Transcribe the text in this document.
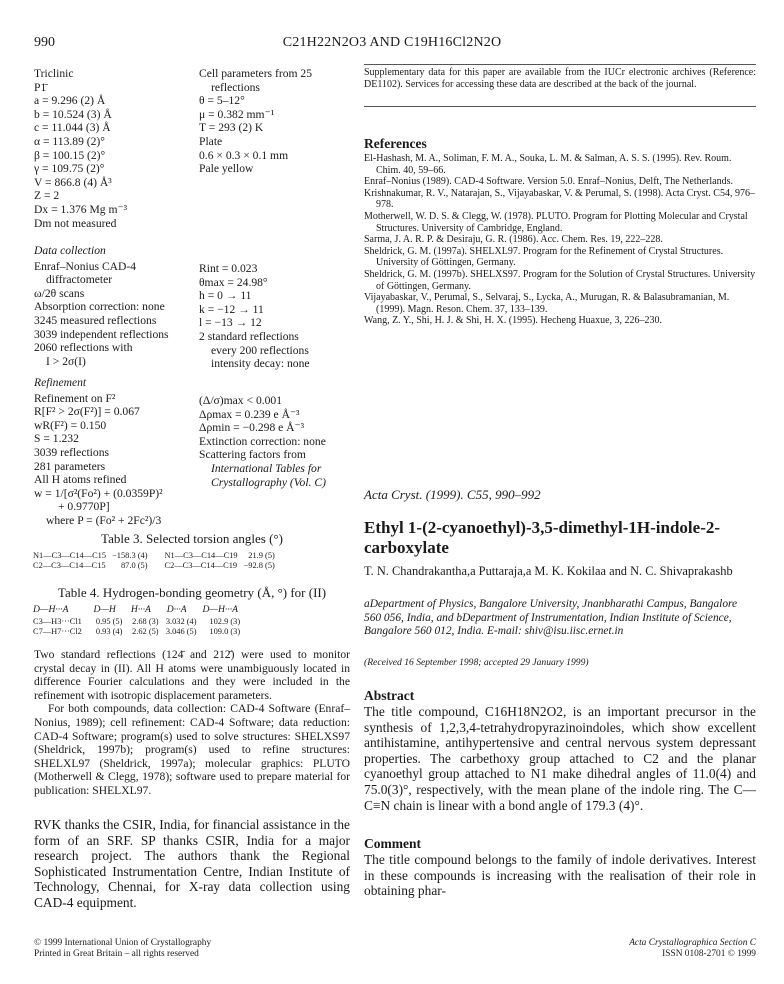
990	C21H22N2O3 AND C19H16Cl2N2O
Triclinic
P1̄
a = 9.296 (2) Å
b = 10.524 (3) Å
c = 11.044 (3) Å
α = 113.89 (2)°
β = 100.15 (2)°
γ = 109.75 (2)°
V = 866.8 (4) Å³
Z = 2
Dx = 1.376 Mg m⁻³
Dm not measured
Cell parameters from 25
reflections
θ = 5–12°
μ = 0.382 mm⁻¹
T = 293 (2) K
Plate
0.6 × 0.3 × 0.1 mm
Pale yellow
Data collection
Enraf–Nonius CAD-4
diffractometer
ω/2θ scans
Absorption correction: none
3245 measured reflections
3039 independent reflections
2060 reflections with
I > 2σ(I)
Rint = 0.023
θmax = 24.98°
h = 0 → 11
k = −12 → 11
l = −13 → 12
2 standard reflections
every 200 reflections
intensity decay: none
Refinement
Refinement on F²
R[F² > 2σ(F²)] = 0.067
wR(F²) = 0.150
S = 1.232
3039 reflections
281 parameters
All H atoms refined
w = 1/[σ²(Fo²) + (0.0359P)²
+ 0.9770P]
where P = (Fo² + 2Fc²)/3
(Δ/σ)max < 0.001
Δρmax = 0.239 e Å⁻³
Δρmin = −0.298 e Å⁻³
Extinction correction: none
Scattering factors from
International Tables for
Crystallography (Vol. C)
Table 3. Selected torsion angles (°)
N1—C3—C14—C15	−158.3 (4)	N1—C3—C14—C19	21.9 (5)
C2—C3—C14—C15	87.0 (5)	C2—C3—C14—C19	−92.8 (5)
Table 4. Hydrogen-bonding geometry (Å, °) for (II)
D—H···A	D—H	H···A	D···A	D—H···A
C3—H3···Cl1	0.95 (5)	2.68 (3)	3.032 (4)	102.9 (3)
C7—H7···Cl2	0.93 (4)	2.62 (5)	3.046 (5)	109.0 (3)

Two standard reflections (124̄ and 212̄) were used to monitor crystal decay in (II). All H atoms were unambiguously located in difference Fourier calculations and they were included in the refinement with isotropic displacement parameters.

For both compounds, data collection: CAD-4 Software (Enraf–Nonius, 1989); cell refinement: CAD-4 Software; data reduction: CAD-4 Software; program(s) used to solve structures: SHELXS97 (Sheldrick, 1997b); program(s) used to refine structures: SHELXL97 (Sheldrick, 1997a); molecular graphics: PLUTO (Motherwell & Clegg, 1978); software used to prepare material for publication: SHELXL97.

RVK thanks the CSIR, India, for financial assistance in the form of an SRF. SP thanks CSIR, India for a major research project. The authors thank the Regional Sophisticated Instrumentation Centre, Indian Institute of Technology, Chennai, for X-ray data collection using CAD-4 equipment.
© 1999 International Union of Crystallography
Printed in Great Britain – all rights reserved
Supplementary data for this paper are available from the IUCr electronic archives (Reference: DE1102). Services for accessing these data are described at the back of the journal.
References
El-Hashash, M. A., Soliman, F. M. A., Souka, L. M. & Salman, A. S. S. (1995). Rev. Roum. Chim. 40, 59–66.
Enraf–Nonius (1989). CAD-4 Software. Version 5.0. Enraf–Nonius, Delft, The Netherlands.
Krishnakumar, R. V., Natarajan, S., Vijayabaskar, V. & Perumal, S. (1998). Acta Cryst. C54, 976–978.
Motherwell, W. D. S. & Clegg, W. (1978). PLUTO. Program for Plotting Molecular and Crystal Structures. University of Cambridge, England.
Sarma, J. A. R. P. & Desiraju, G. R. (1986). Acc. Chem. Res. 19, 222–228.
Sheldrick, G. M. (1997a). SHELXL97. Program for the Refinement of Crystal Structures. University of Göttingen, Germany.
Sheldrick, G. M. (1997b). SHELXS97. Program for the Solution of Crystal Structures. University of Göttingen, Germany.
Vijayabaskar, V., Perumal, S., Selvaraj, S., Lycka, A., Murugan, R. & Balasubramanian, M. (1999). Magn. Reson. Chem. 37, 133–139.
Wang, Z. Y., Shi, H. J. & Shi, H. X. (1995). Hecheng Huaxue, 3, 226–230.
Acta Cryst. (1999). C55, 990–992
Ethyl 1-(2-cyanoethyl)-3,5-dimethyl-1H-indole-2-carboxylate
T. N. Chandrakantha,a Puttaraja,a M. K. Kokilaa and N. C. Shivaprakashb
aDepartment of Physics, Bangalore University, Jnanbharathi Campus, Bangalore 560 056, India, and bDepartment of Instrumentation, Indian Institute of Science, Bangalore 560 012, India. E-mail: shiv@isu.iisc.ernet.in
(Received 16 September 1998; accepted 29 January 1999)
Abstract
The title compound, C16H18N2O2, is an important precursor in the synthesis of 1,2,3,4-tetrahydropyrazinoindoles, which show excellent antihistamine, antihypertensive and central nervous system depressant properties. The carbethoxy group attached to C2 and the planar cyanoethyl group attached to N1 make dihedral angles of 11.0(4) and 75.0(3)°, respectively, with the mean plane of the indole ring. The C—C≡N chain is linear with a bond angle of 179.3 (4)°.
Comment
The title compound belongs to the family of indole derivatives. Interest in these compounds is increasing with the realisation of their role in obtaining phar-
Acta Crystallographica Section C
ISSN 0108-2701 © 1999
